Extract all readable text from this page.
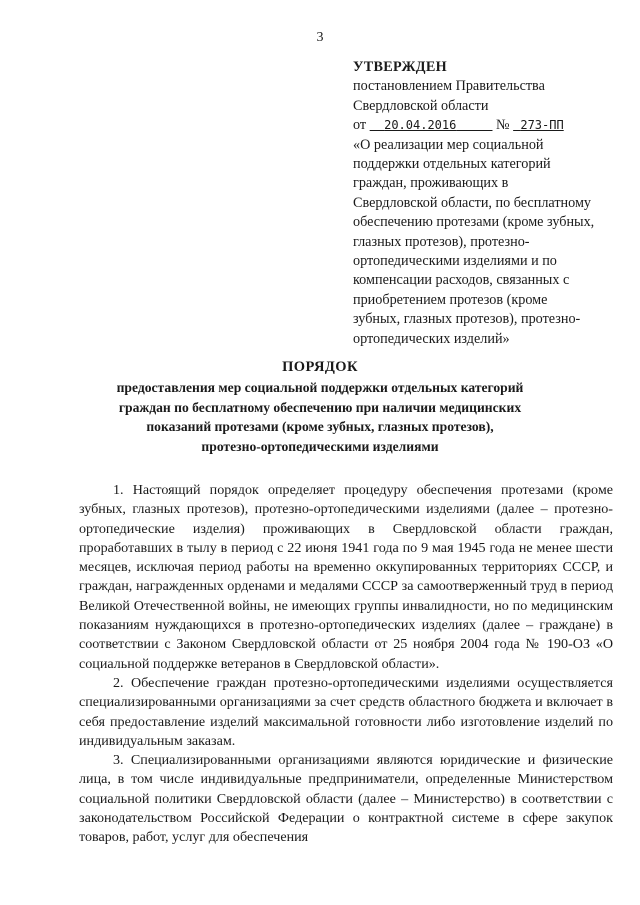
3
УТВЕРЖДЕН
постановлением Правительства
Свердловской области
от 20.04.2016	№ 273-ПП
«О реализации мер социальной
поддержки отдельных категорий
граждан, проживающих в
Свердловской области, по бесплатному
обеспечению протезами (кроме зубных,
глазных протезов), протезно-
ортопедическими изделиями и по
компенсации расходов, связанных с
приобретением протезов (кроме
зубных, глазных протезов), протезно-
ортопедических изделий»
ПОРЯДОК
предоставления мер социальной поддержки отдельных категорий
граждан по бесплатному обеспечению при наличии медицинских
показаний протезами (кроме зубных, глазных протезов),
протезно-ортопедическими изделиями

1. Настоящий порядок определяет процедуру обеспечения протезами (кроме зубных, глазных протезов), протезно-ортопедическими изделиями (далее – протезно-ортопедические изделия) проживающих в Свердловской области граждан, проработавших в тылу в период с 22 июня 1941 года по 9 мая 1945 года не менее шести месяцев, исключая период работы на временно оккупированных территориях СССР, и граждан, награжденных орденами и медалями СССР за самоотверженный труд в период Великой Отечественной войны, не имеющих группы инвалидности, но по медицинским показаниям нуждающихся в протезно-ортопедических изделиях (далее – граждане) в соответствии с Законом Свердловской области от 25 ноября 2004 года № 190-ОЗ «О социальной поддержке ветеранов в Свердловской области».

2. Обеспечение граждан протезно-ортопедическими изделиями осуществляется специализированными организациями за счет средств областного бюджета и включает в себя предоставление изделий максимальной готовности либо изготовление изделий по индивидуальным заказам.

3. Специализированными организациями являются юридические и физические лица, в том числе индивидуальные предприниматели, определенные Министерством социальной политики Свердловской области (далее – Министерство) в соответствии с законодательством Российской Федерации о контрактной системе в сфере закупок товаров, работ, услуг для обеспечения
